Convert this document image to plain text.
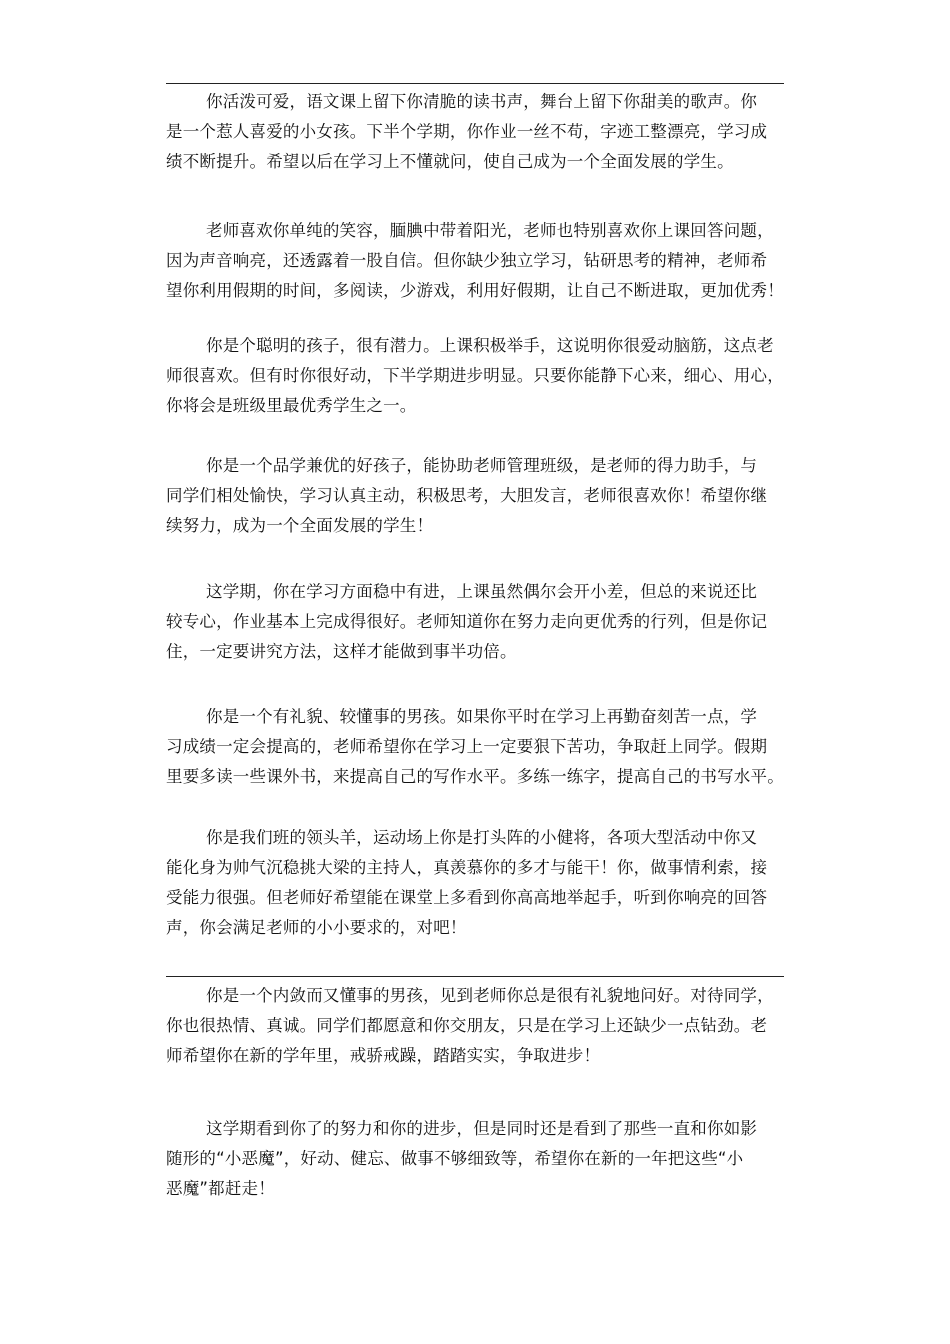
你活泼可爱，语文课上留下你清脆的读书声，舞台上留下你甜美的歌声。你
是一个惹人喜爱的小女孩。下半个学期，你作业一丝不苟，字迹工整漂亮，学习成
绩不断提升。希望以后在学习上不懂就问，使自己成为一个全面发展的学生。
老师喜欢你单纯的笑容，腼腆中带着阳光，老师也特别喜欢你上课回答问题，
因为声音响亮，还透露着一股自信。但你缺少独立学习，钻研思考的精神，老师希
望你利用假期的时间，多阅读，少游戏，利用好假期，让自己不断进取，更加优秀！
你是个聪明的孩子，很有潜力。上课积极举手，这说明你很爱动脑筋，这点老
师很喜欢。但有时你很好动，下半学期进步明显。只要你能静下心来，细心、用心，
你将会是班级里最优秀学生之一。
你是一个品学兼优的好孩子，能协助老师管理班级，是老师的得力助手，与
同学们相处愉快，学习认真主动，积极思考，大胆发言，老师很喜欢你！希望你继
续努力，成为一个全面发展的学生！
这学期，你在学习方面稳中有进，上课虽然偶尔会开小差，但总的来说还比
较专心，作业基本上完成得很好。老师知道你在努力走向更优秀的行列，但是你记
住，一定要讲究方法，这样才能做到事半功倍。
你是一个有礼貌、较懂事的男孩。如果你平时在学习上再勤奋刻苦一点，学
习成绩一定会提高的，老师希望你在学习上一定要狠下苦功，争取赶上同学。假期
里要多读一些课外书，来提高自己的写作水平。多练一练字，提高自己的书写水平。
你是我们班的领头羊，运动场上你是打头阵的小健将，各项大型活动中你又
能化身为帅气沉稳挑大梁的主持人，真羡慕你的多才与能干！你，做事情利索，接
受能力很强。但老师好希望能在课堂上多看到你高高地举起手，听到你响亮的回答
声，你会满足老师的小小要求的，对吧！
你是一个内敛而又懂事的男孩，见到老师你总是很有礼貌地问好。对待同学，
你也很热情、真诚。同学们都愿意和你交朋友，只是在学习上还缺少一点钻劲。老
师希望你在新的学年里，戒骄戒躁，踏踏实实，争取进步！
这学期看到你了的努力和你的进步，但是同时还是看到了那些一直和你如影
随形的“小恶魔”，好动、健忘、做事不够细致等，希望你在新的一年把这些“小
恶魔”都赶走！
